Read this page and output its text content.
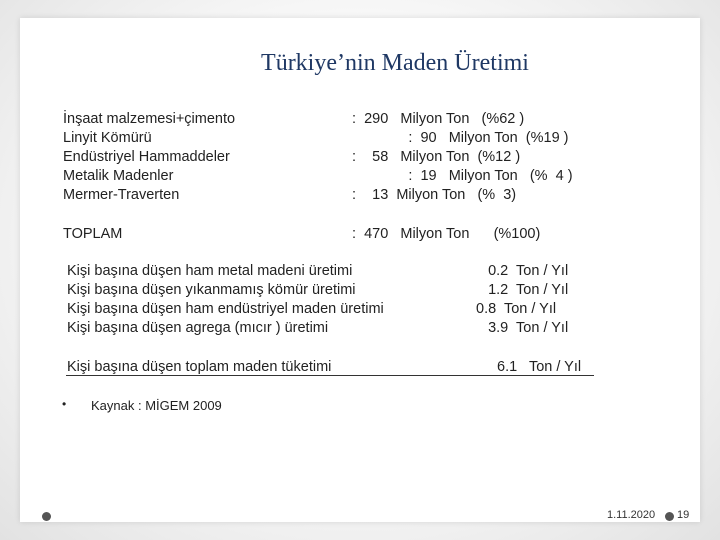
Türkiye’nin Maden Üretimi
İnşaat malzemesi+çimento
Linyit Kömürü
Endüstriyel Hammaddeler
Metalik Madenler
Mermer-Traverten
:  290   Milyon Ton   (%62 )
:  90   Milyon Ton  (%19 )
:    58   Milyon Ton  (%12 )
:  19   Milyon Ton   (%  4 )
:    13  Milyon Ton   (%  3)
TOPLAM	:  470   Milyon Ton      (%100)
Kişi başına düşen ham metal madeni üretimi
Kişi başına düşen yıkanmamış kömür üretimi
Kişi başına düşen ham endüstriyel maden üretimi
Kişi başına düşen agrega (mıcır ) üretimi
0.2  Ton / Yıl
1.2  Ton / Yıl
0.8  Ton / Yıl
3.9  Ton / Yıl
Kişi başına düşen toplam maden tüketimi	6.1   Ton / Yıl
• Kaynak : MİGEM 2009
1.11.2020 19
